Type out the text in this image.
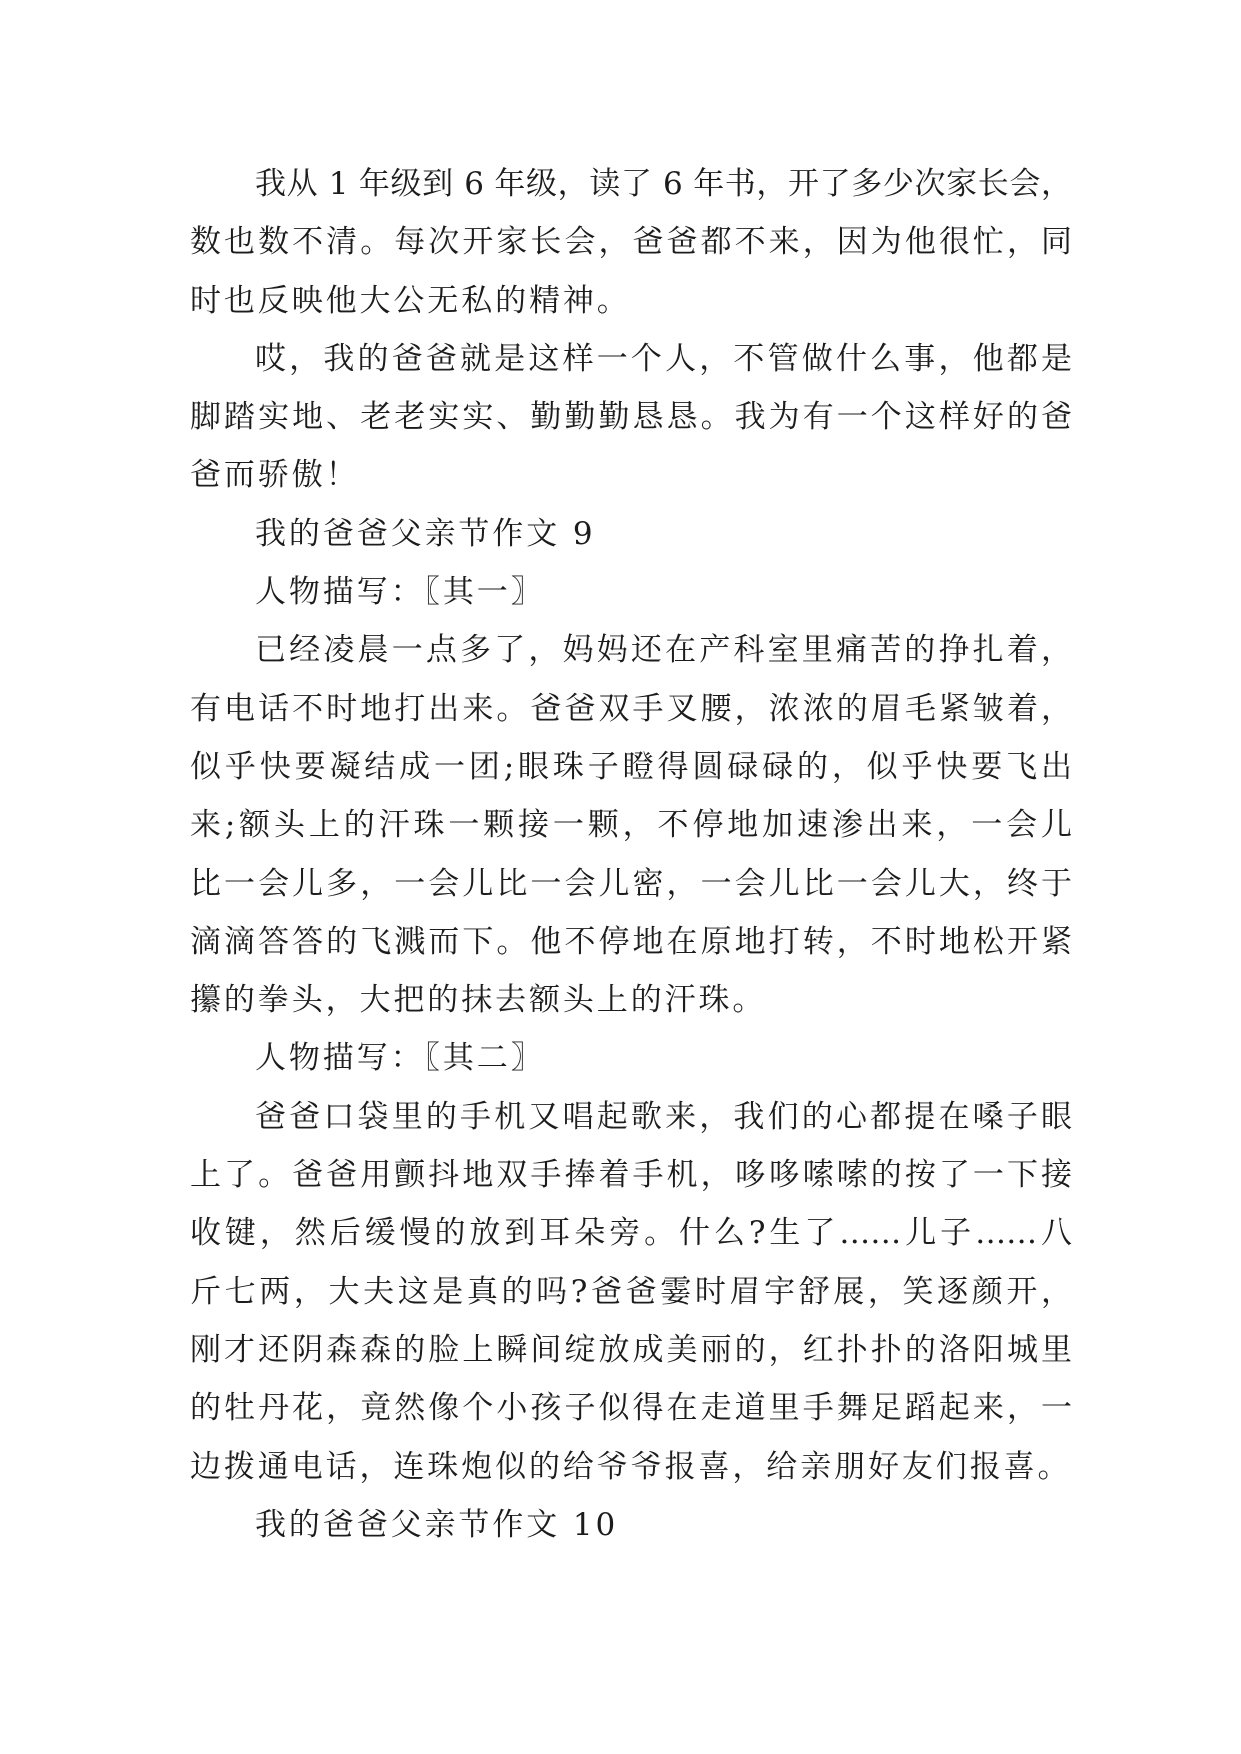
我从 1 年级到 6 年级，读了 6 年书，开了多少次家长会，
数也数不清。每次开家长会，爸爸都不来，因为他很忙，同
时也反映他大公无私的精神。
哎，我的爸爸就是这样一个人，不管做什么事，他都是
脚踏实地、老老实实、勤勤勤恳恳。我为有一个这样好的爸
爸而骄傲！
我的爸爸父亲节作文 9
人物描写：〖其一〗
已经凌晨一点多了，妈妈还在产科室里痛苦的挣扎着，
有电话不时地打出来。爸爸双手叉腰，浓浓的眉毛紧皱着，
似乎快要凝结成一团;眼珠子瞪得圆碌碌的，似乎快要飞出
来;额头上的汗珠一颗接一颗，不停地加速渗出来，一会儿
比一会儿多，一会儿比一会儿密，一会儿比一会儿大，终于
滴滴答答的飞溅而下。他不停地在原地打转，不时地松开紧
攥的拳头，大把的抹去额头上的汗珠。
人物描写：〖其二〗
爸爸口袋里的手机又唱起歌来，我们的心都提在嗓子眼
上了。爸爸用颤抖地双手捧着手机，哆哆嗦嗦的按了一下接
收键，然后缓慢的放到耳朵旁。什么?生了……儿子……八
斤七两，大夫这是真的吗?爸爸霎时眉宇舒展，笑逐颜开，
刚才还阴森森的脸上瞬间绽放成美丽的，红扑扑的洛阳城里
的牡丹花，竟然像个小孩子似得在走道里手舞足蹈起来，一
边拨通电话，连珠炮似的给爷爷报喜，给亲朋好友们报喜。
我的爸爸父亲节作文 10
